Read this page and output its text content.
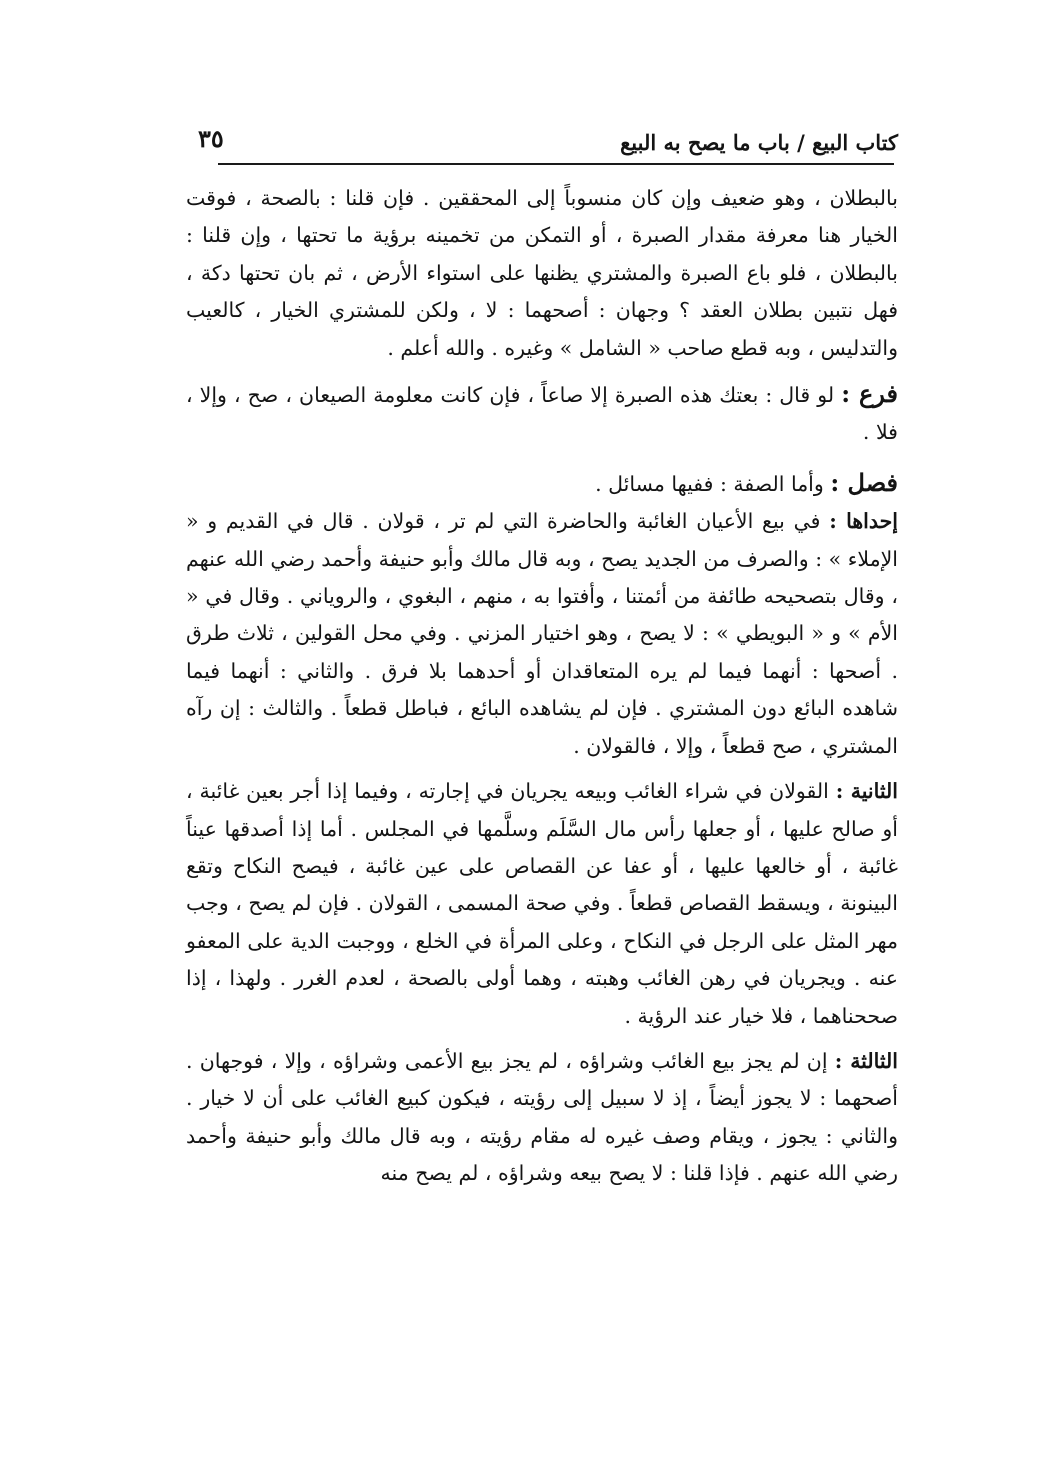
كتاب البيع / باب ما يصح به البيع
٣٥

بالبطلان ، وهو ضعيف وإن كان منسوباً إلى المحققين . فإن قلنا : بالصحة ، فوقت الخيار هنا معرفة مقدار الصبرة ، أو التمكن من تخمينه برؤية ما تحتها ، وإن قلنا : بالبطلان ، فلو باع الصبرة والمشتري يظنها على استواء الأرض ، ثم بان تحتها دكة ، فهل نتبين بطلان العقد ؟ وجهان : أصحهما : لا ، ولكن للمشتري الخيار ، كالعيب والتدليس ، وبه قطع صاحب « الشامل » وغيره . والله أعلم .

فرع : لو قال : بعتك هذه الصبرة إلا صاعاً ، فإن كانت معلومة الصيعان ، صح ، وإلا ، فلا .

فصل : وأما الصفة : ففيها مسائل .

إحداها : في بيع الأعيان الغائبة والحاضرة التي لم تر ، قولان . قال في القديم و « الإملاء » : والصرف من الجديد يصح ، وبه قال مالك وأبو حنيفة وأحمد رضي الله عنهم ، وقال بتصحيحه طائفة من أئمتنا ، وأفتوا به ، منهم ، البغوي ، والروياني . وقال في « الأم » و « البويطي » : لا يصح ، وهو اختيار المزني . وفي محل القولين ، ثلاث طرق . أصحها : أنهما فيما لم يره المتعاقدان أو أحدهما بلا فرق . والثاني : أنهما فيما شاهده البائع دون المشتري . فإن لم يشاهده البائع ، فباطل قطعاً . والثالث : إن رآه المشتري ، صح قطعاً ، وإلا ، فالقولان .

الثانية : القولان في شراء الغائب وبيعه يجريان في إجارته ، وفيما إذا أجر بعين غائبة ، أو صالح عليها ، أو جعلها رأس مال السَّلَم وسلَّمها في المجلس . أما إذا أصدقها عيناً غائبة ، أو خالعها عليها ، أو عفا عن القصاص على عين غائبة ، فيصح النكاح وتقع البينونة ، ويسقط القصاص قطعاً . وفي صحة المسمى ، القولان . فإن لم يصح ، وجب مهر المثل على الرجل في النكاح ، وعلى المرأة في الخلع ، ووجبت الدية على المعفو عنه . ويجريان في رهن الغائب وهبته ، وهما أولى بالصحة ، لعدم الغرر . ولهذا ، إذا صححناهما ، فلا خيار عند الرؤية .

الثالثة : إن لم يجز بيع الغائب وشراؤه ، لم يجز بيع الأعمى وشراؤه ، وإلا ، فوجهان . أصحهما : لا يجوز أيضاً ، إذ لا سبيل إلى رؤيته ، فيكون كبيع الغائب على أن لا خيار . والثاني : يجوز ، ويقام وصف غيره له مقام رؤيته ، وبه قال مالك وأبو حنيفة وأحمد رضي الله عنهم . فإذا قلنا : لا يصح بيعه وشراؤه ، لم يصح منه
